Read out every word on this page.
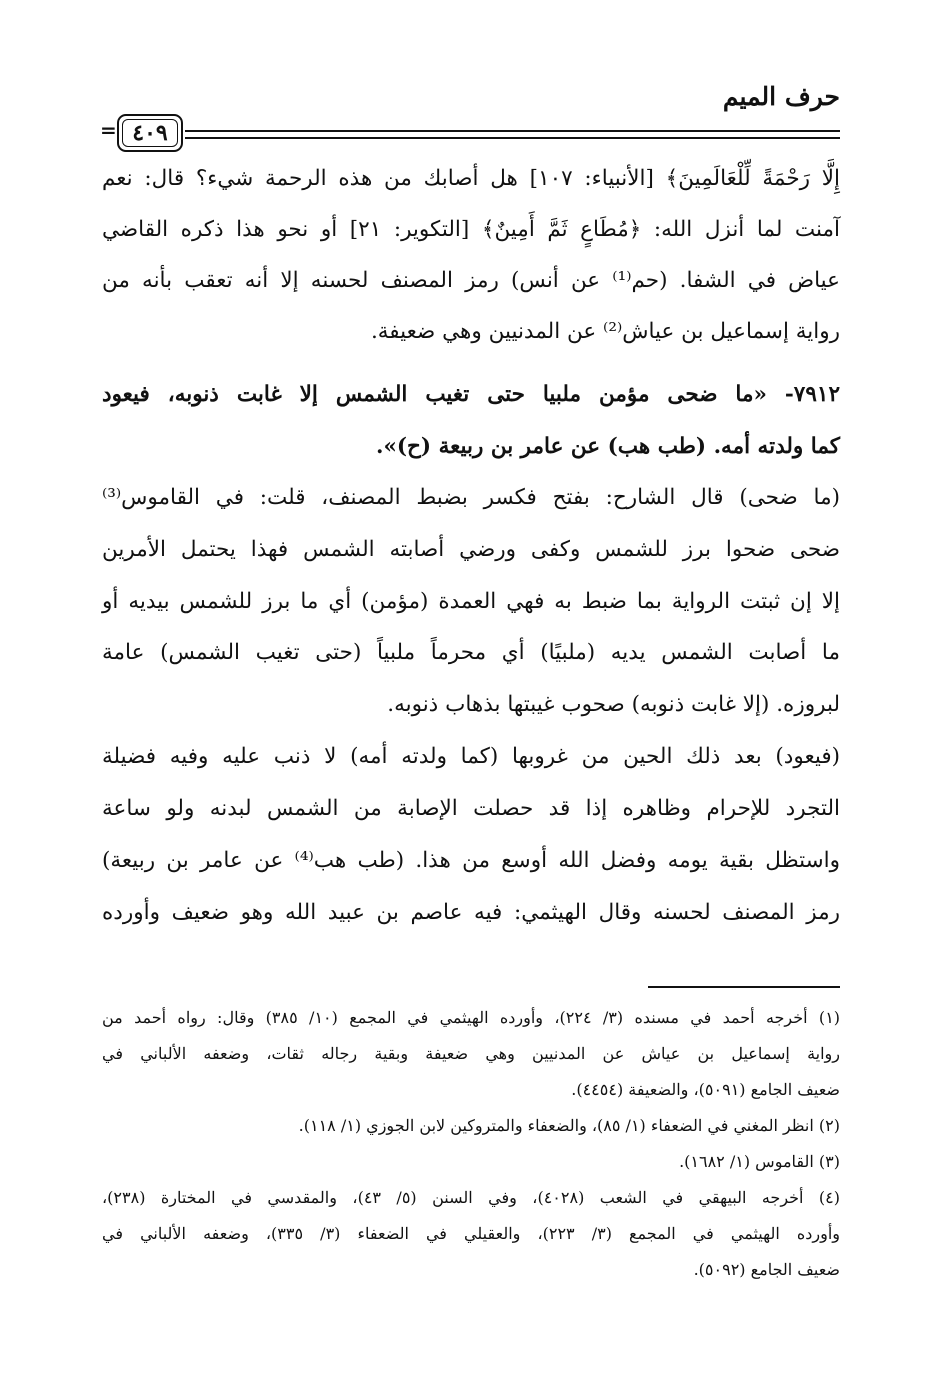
حرف الميم
٤٠٩
=

إِلَّا رَحْمَةً لِّلْعَالَمِينَ﴾ [الأنبياء: ١٠٧] هل أصابك من هذه الرحمة شيء؟ قال: نعم

آمنت لما أنزل الله: ﴿مُطَاعٍ ثَمَّ أَمِينٌ﴾ [التكوير: ٢١] أو نحو هذا ذكره القاضي

عياض في الشفا. (حم⁽¹⁾ عن أنس) رمز المصنف لحسنه إلا أنه تعقب بأنه من

رواية إسماعيل بن عياش⁽²⁾ عن المدنيين وهي ضعيفة.

٧٩١٢- «ما ضحى مؤمن ملبيا حتى تغيب الشمس إلا غابت ذنوبه، فيعود

كما ولدته أمه. (طب هب) عن عامر بن ربيعة (ح)».

(ما ضحى) قال الشارح: بفتح فكسر بضبط المصنف، قلت: في القاموس⁽³⁾

ضحى ضحوا برز للشمس وكفى ورضي أصابته الشمس فهذا يحتمل الأمرين

إلا إن ثبتت الرواية بما ضبط به فهي العمدة (مؤمن) أي ما برز للشمس بيديه أو

ما أصابت الشمس يديه (ملبيًا) أي محرماً ملبياً (حتى تغيب الشمس) عامة

لبروزه. (إلا غابت ذنوبه) صحوب غيبتها بذهاب ذنوبه.

(فيعود) بعد ذلك الحين من غروبها (كما ولدته أمه) لا ذنب عليه وفيه فضيلة

التجرد للإحرام وظاهره إذا قد حصلت الإصابة من الشمس لبدنه ولو ساعة

واستظل بقية يومه وفضل الله أوسع من هذا. (طب هب⁽⁴⁾ عن عامر بن ربيعة)

رمز المصنف لحسنه وقال الهيثمي: فيه عاصم بن عبيد الله وهو ضعيف وأورده

(١) أخرجه أحمد في مسنده (٣/ ٢٢٤)، وأورده الهيثمي في المجمع (١٠/ ٣٨٥) وقال: رواه أحمد من

رواية إسماعيل بن عياش عن المدنيين وهي ضعيفة وبقية رجاله ثقات، وضعفه الألباني في

ضعيف الجامع (٥٠٩١)، والضعيفة (٤٤٥٤).

(٢) انظر المغني في الضعفاء (١/ ٨٥)، والضعفاء والمتروكين لابن الجوزي (١/ ١١٨).

(٣) القاموس (١/ ١٦٨٢).

(٤) أخرجه البيهقي في الشعب (٤٠٢٨)، وفي السنن (٥/ ٤٣)، والمقدسي في المختارة (٢٣٨)،

وأورده الهيثمي في المجمع (٣/ ٢٢٣)، والعقيلي في الضعفاء (٣/ ٣٣٥)، وضعفه الألباني في

ضعيف الجامع (٥٠٩٢).
